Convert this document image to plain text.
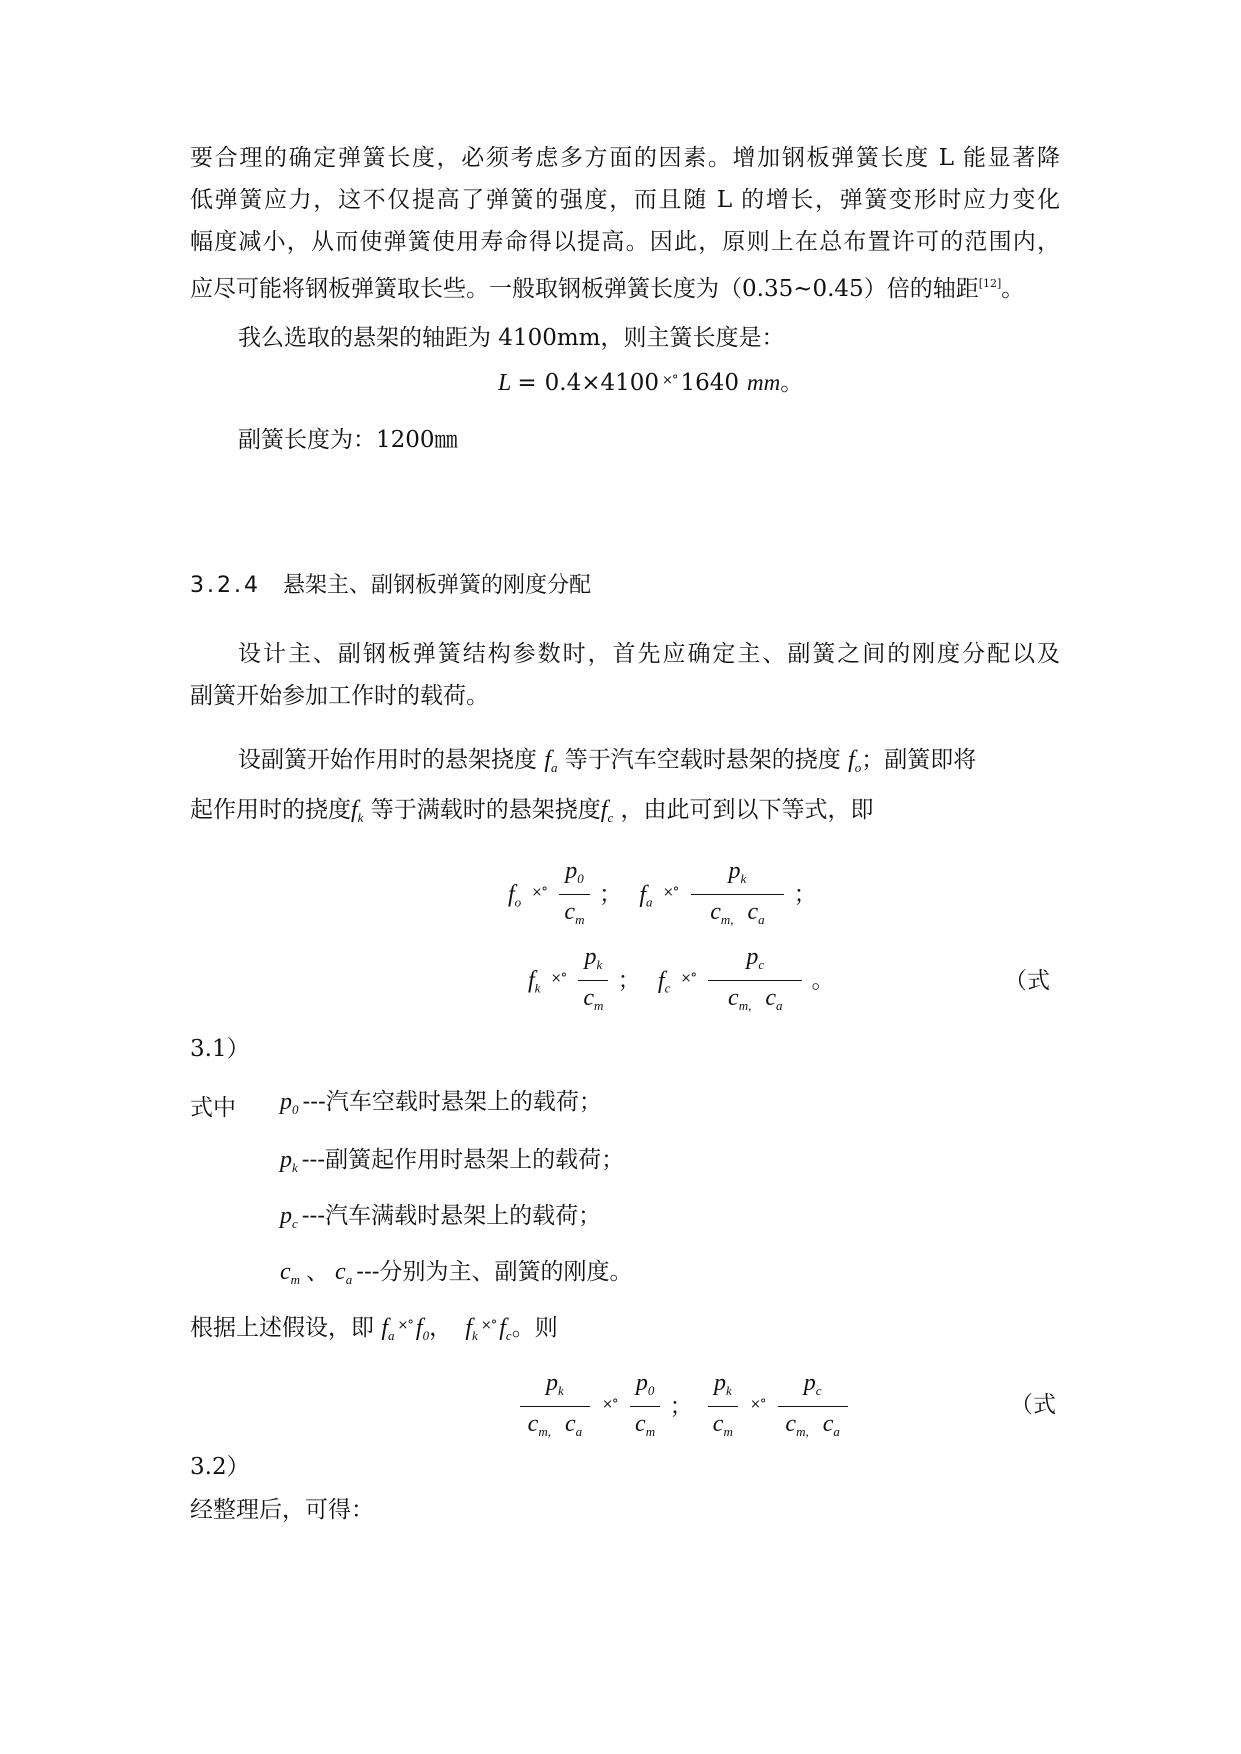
要合理的确定弹簧长度，必须考虑多方面的因素。增加钢板弹簧长度 L 能显著降
低弹簧应力，这不仅提高了弹簧的强度，而且随 L 的增长，弹簧变形时应力变化
幅度减小，从而使弹簧使用寿命得以提高。因此，原则上在总布置许可的范围内，
应尽可能将钢板弹簧取长些。一般取钢板弹簧长度为（0.35~0.45）倍的轴距[12]。
我么选取的悬架的轴距为 4100mm，则主簧长度是：
L = 0.4×4100 ×° 1640 mm。
副簧长度为：1200㎜
3.2.4 悬架主、副钢板弹簧的刚度分配
设计主、副钢板弹簧结构参数时，首先应确定主、副簧之间的刚度分配以及
副簧开始参加工作时的载荷。
设副簧开始作用时的悬架挠度 $f_a$ 等于汽车空载时悬架的挠度 $f_o$；副簧即将
起作用时的挠度$f_k$ 等于满载时的悬架挠度$f_c$ ，由此可到以下等式，即
$f_o$ $^{\times^\circ} \frac{p_0}{c_m}$ ； $f_a$ $^{\times^\circ} \frac{p_k}{c_{m,} c_a}$ ；
$f_k$ $^{\times^\circ} \frac{p_k}{c_m}$ ； $f_c$ $^{\times^\circ} \frac{p_c}{c_{m,} c_a}$ 。	（式
3.1）
式中	$p_0$ ---汽车空载时悬架上的载荷；
$p_k$ ---副簧起作用时悬架上的载荷；
$p_c$ ---汽车满载时悬架上的载荷；
$c_m$ 、 $c_a$ ---分别为主、副簧的刚度。
根据上述假设，即 $f_a^{\times^\circ}$ $f_0$， $f_k^{\times^\circ}$ $f_c$。则
$\frac{p_k}{c_{m,} c_a} ^{\times^\circ} \frac{p_0}{c_m}$ ； $\frac{p_k}{c_m} ^{\times^\circ} \frac{p_c}{c_{m,} c_a}$	（式
3.2）
经整理后，可得：
